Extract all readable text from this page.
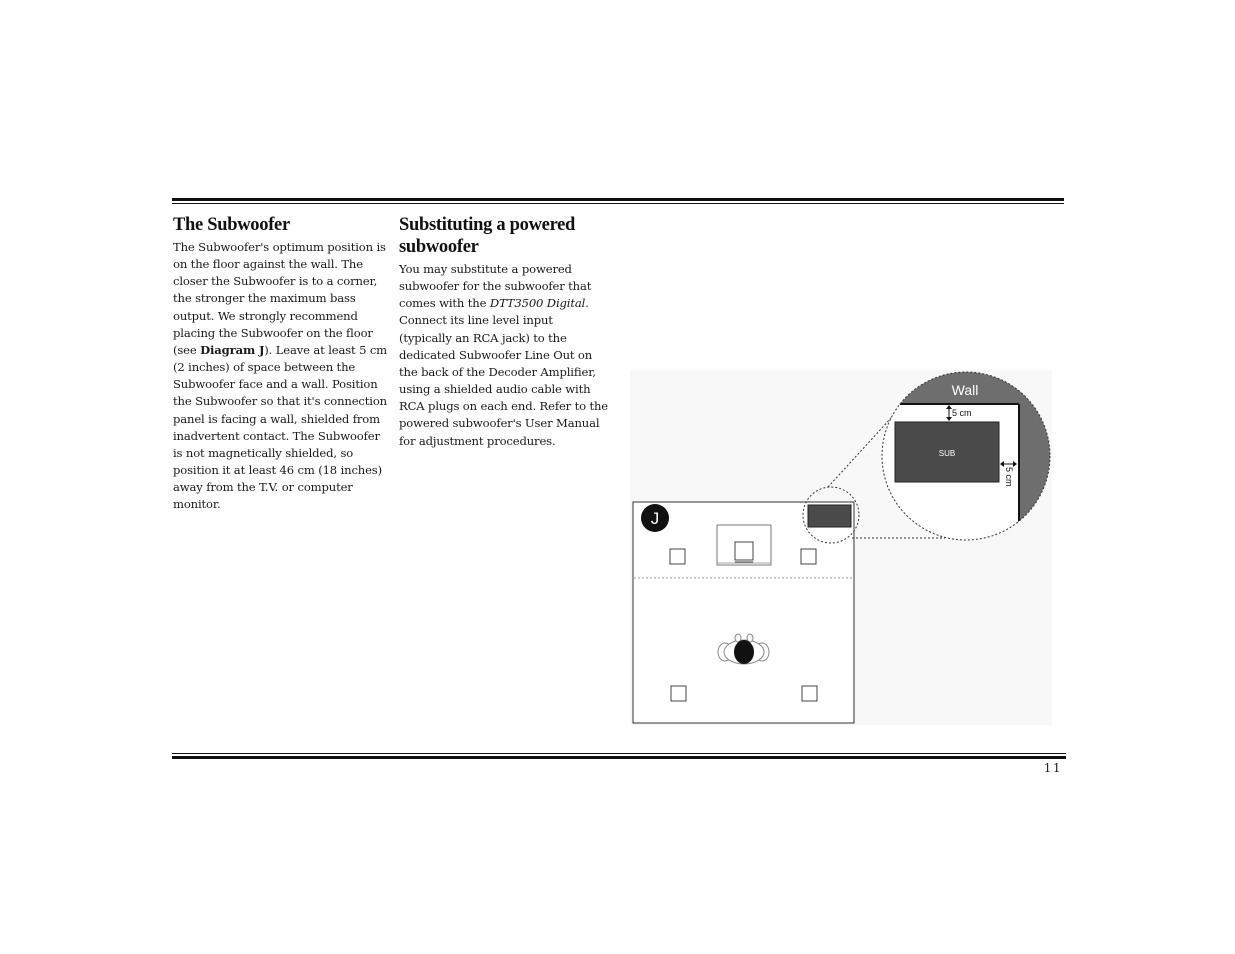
The Subwoofer

The Subwoofer's optimum position is on the floor against the wall. The closer the Subwoofer is to a corner, the stronger the maximum bass output. We strongly recommend placing the Subwoofer on the floor (see Diagram J). Leave at least 5 cm (2 inches) of space between the Subwoofer face and a wall. Position the Subwoofer so that it's connection panel is facing a wall, shielded from inadvertent contact. The Subwoofer is not magnetically shielded, so position it at least 46 cm (18 inches) away from the T.V. or computer monitor.

Substituting a powered subwoofer

You may substitute a powered subwoofer for the subwoofer that comes with the DTT3500 Digital. Connect its line level input (typically an RCA jack) to the dedicated Subwoofer Line Out on the back of the Decoder Amplifier, using a shielded audio cable with RCA plugs on each end. Refer to the powered subwoofer's User Manual for adjustment procedures.

J
Wall
SUB
5 cm
5 cm
11
